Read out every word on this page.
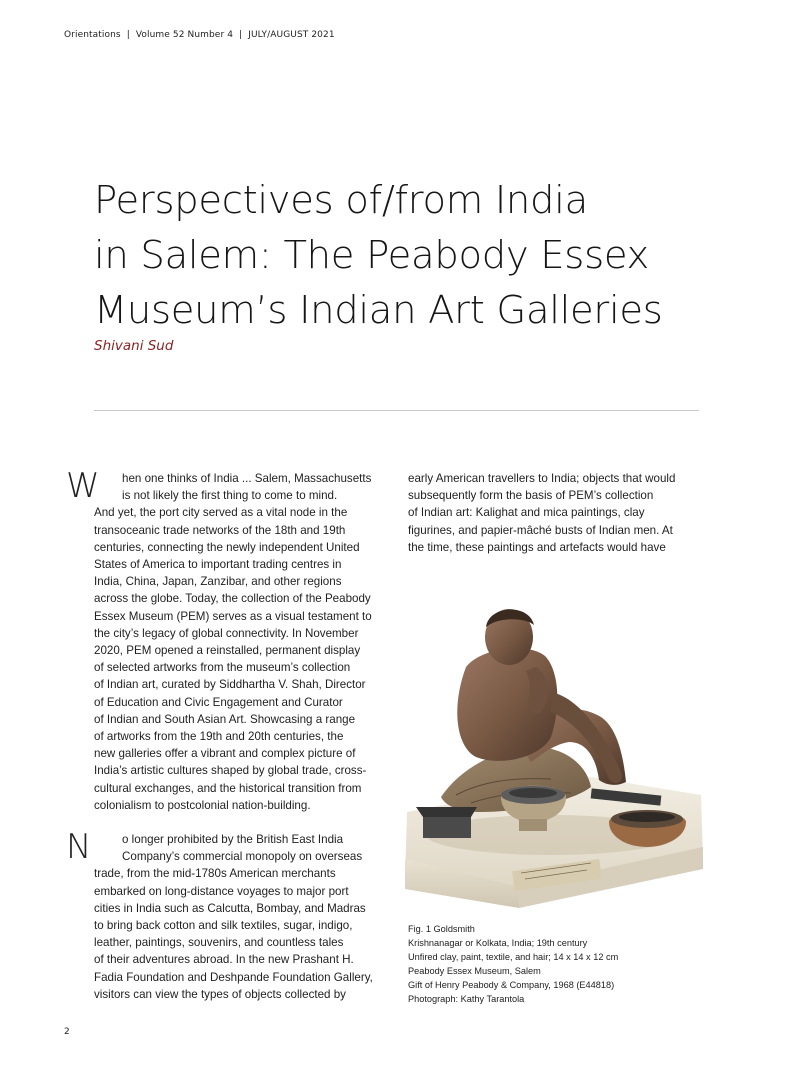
Orientations | Volume 52 Number 4 | JULY/AUGUST 2021
Perspectives of/from India
in Salem: The Peabody Essex
Museum’s Indian Art Galleries
Shivani Sud
W hen one thinks of India ... Salem, Massachusetts
is not likely the first thing to come to mind.
And yet, the port city served as a vital node in the
transoceanic trade networks of the 18th and 19th
centuries, connecting the newly independent United
States of America to important trading centres in
India, China, Japan, Zanzibar, and other regions
across the globe. Today, the collection of the Peabody
Essex Museum (PEM) serves as a visual testament to
the city’s legacy of global connectivity. In November
2020, PEM opened a reinstalled, permanent display
of selected artworks from the museum’s collection
of Indian art, curated by Siddhartha V. Shah, Director
of Education and Civic Engagement and Curator
of Indian and South Asian Art. Showcasing a range
of artworks from the 19th and 20th centuries, the
new galleries offer a vibrant and complex picture of
India’s artistic cultures shaped by global trade, cross-
cultural exchanges, and the historical transition from
colonialism to postcolonial nation-building.
N	o longer prohibited by the British East India
Company’s commercial monopoly on overseas
trade, from the mid-1780s American merchants
embarked on long-distance voyages to major port
cities in India such as Calcutta, Bombay, and Madras
to bring back cotton and silk textiles, sugar, indigo,
leather, paintings, souvenirs, and countless tales
of their adventures abroad. In the new Prashant H.
Fadia Foundation and Deshpande Foundation Gallery,
visitors can view the types of objects collected by
early American travellers to India; objects that would
subsequently form the basis of PEM’s collection
of Indian art: Kalighat and mica paintings, clay
figurines, and papier-mâché busts of Indian men. At
the time, these paintings and artefacts would have
Fig. 1 Goldsmith
Krishnanagar or Kolkata, India; 19th century
Unfired clay, paint, textile, and hair; 14 x 14 x 12 cm
Peabody Essex Museum, Salem
Gift of Henry Peabody & Company, 1968 (E44818)
Photograph: Kathy Tarantola
2
